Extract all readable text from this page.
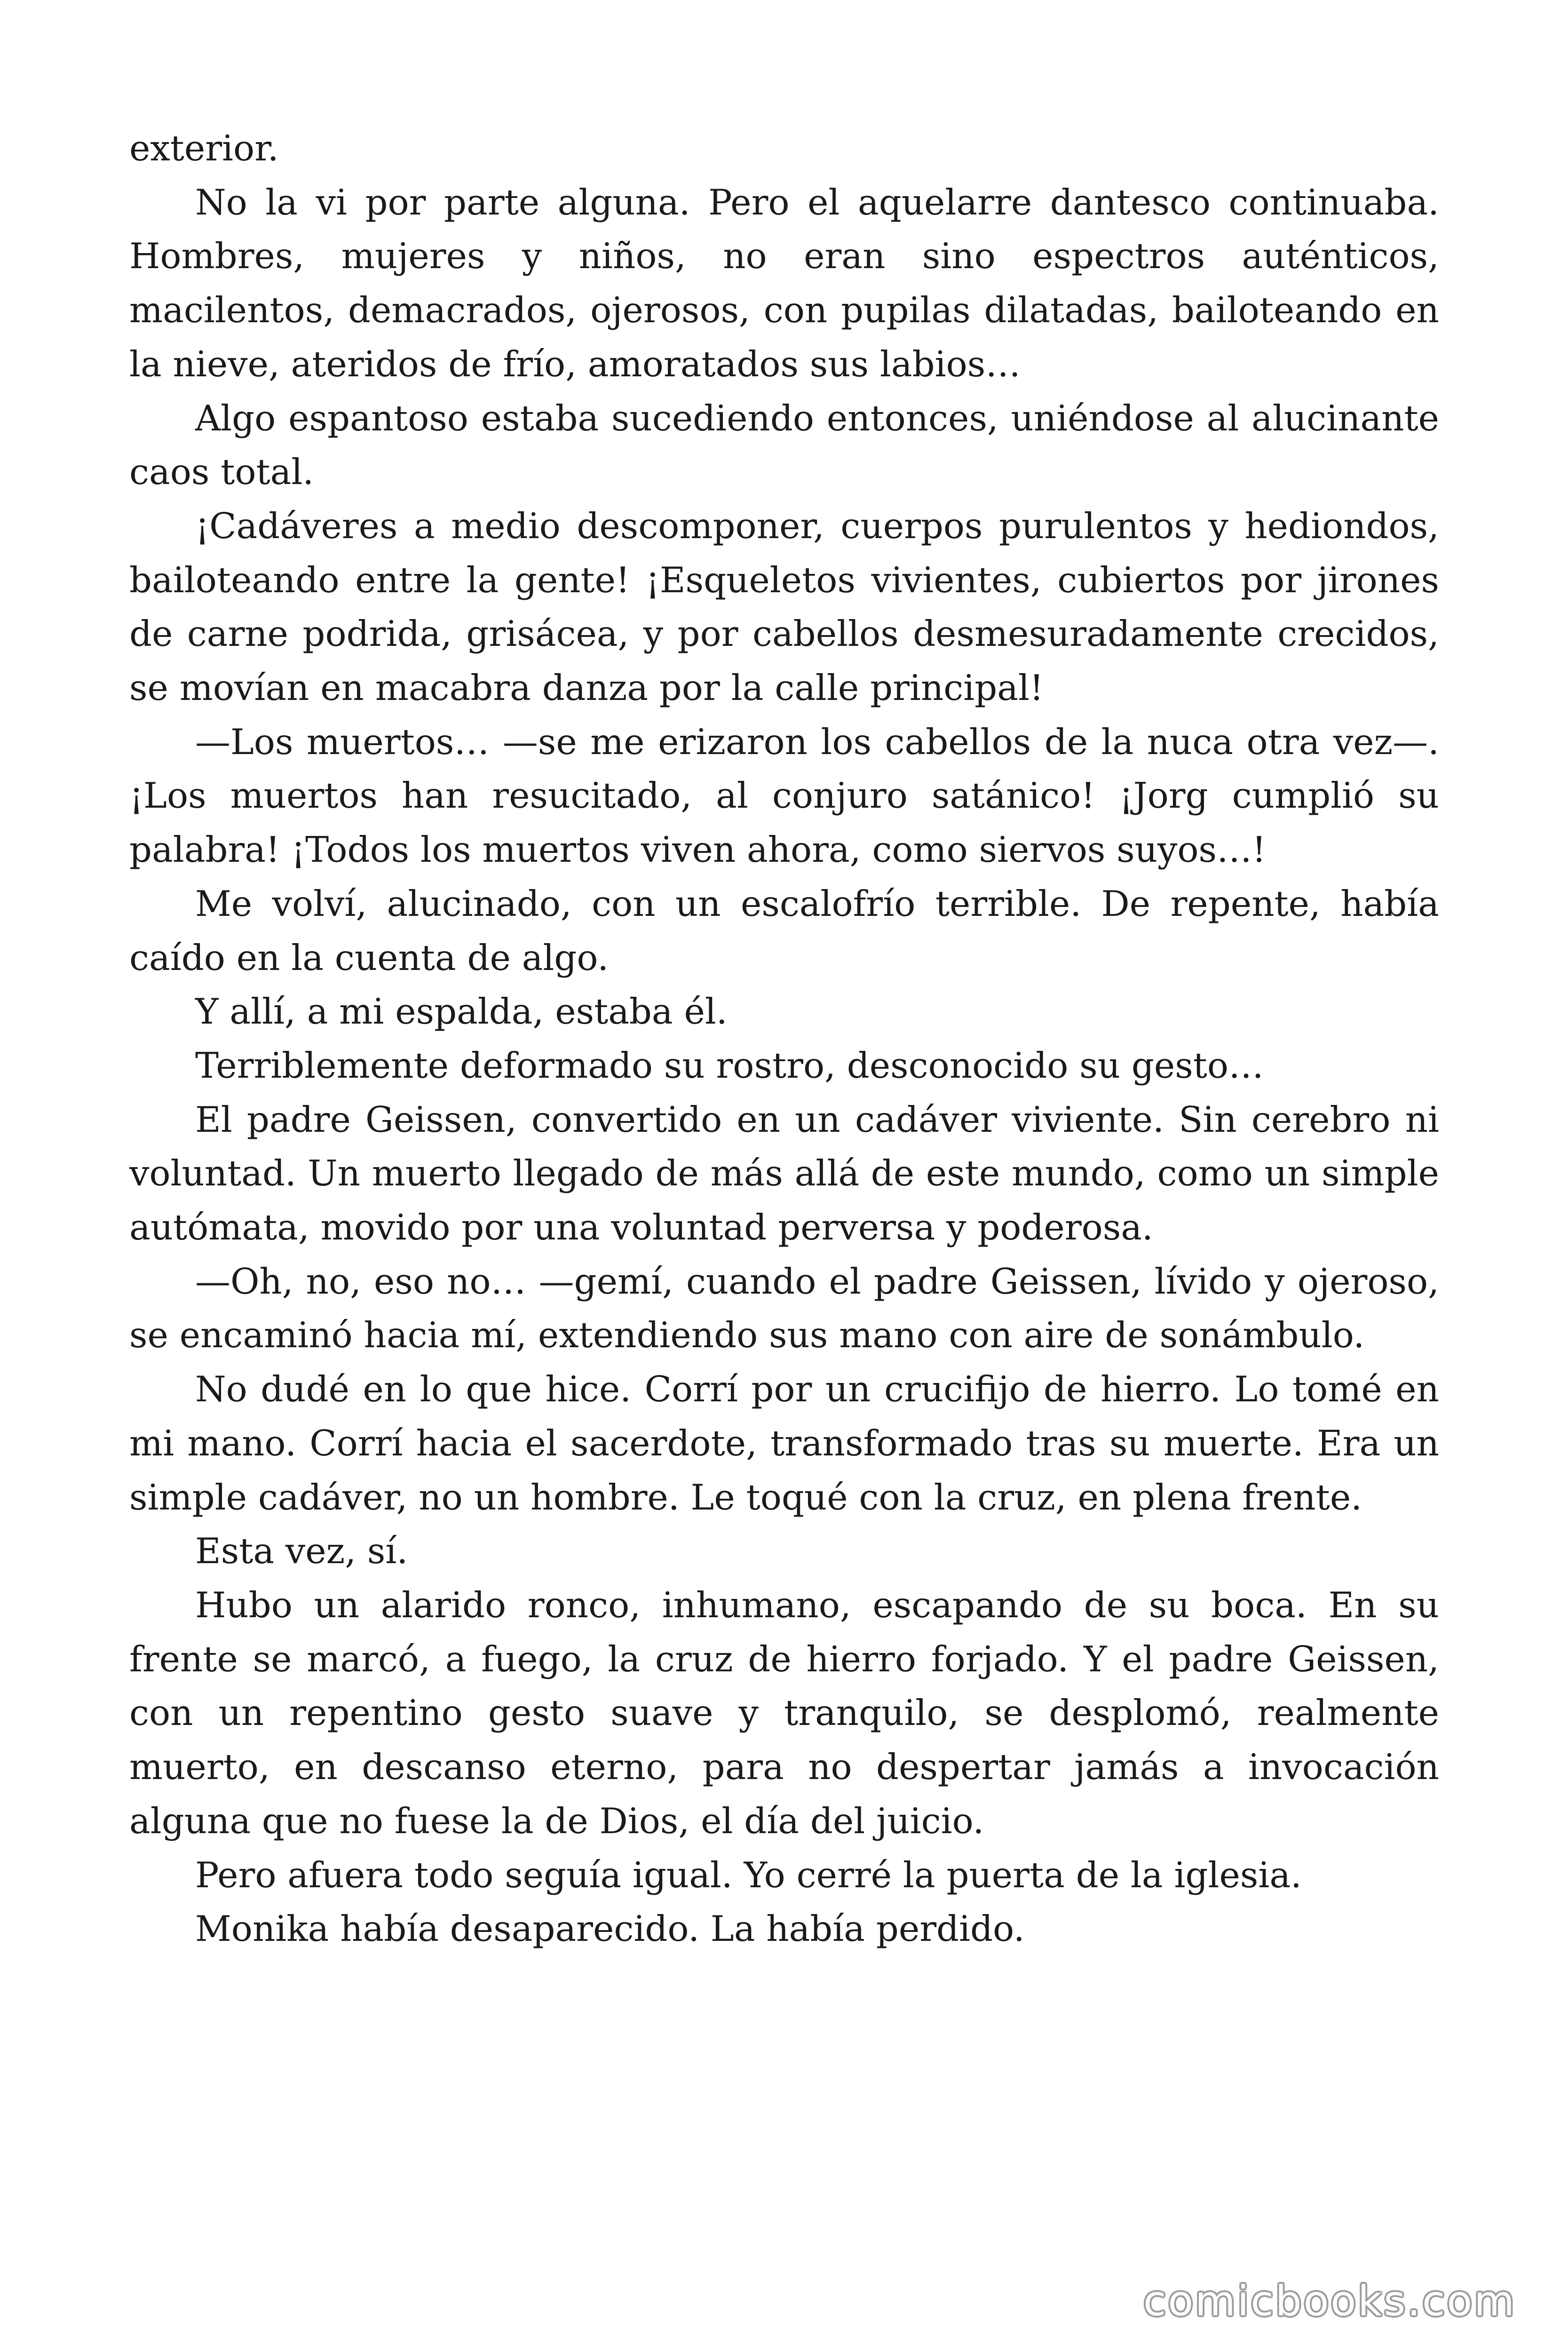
exterior.

No la vi por parte alguna. Pero el aquelarre dantesco continuaba. Hombres, mujeres y niños, no eran sino espectros auténticos, macilentos, demacrados, ojerosos, con pupilas dilatadas, bailoteando en la nieve, ateridos de frío, amoratados sus labios…

Algo espantoso estaba sucediendo entonces, uniéndose al alucinante caos total.

¡Cadáveres a medio descomponer, cuerpos purulentos y hediondos, bailoteando entre la gente! ¡Esqueletos vivientes, cubiertos por jirones de carne podrida, grisácea, y por cabellos desmesuradamente crecidos, se movían en macabra danza por la calle principal!

—Los muertos… —se me erizaron los cabellos de la nuca otra vez—. ¡Los muertos han resucitado, al conjuro satánico! ¡Jorg cumplió su palabra! ¡Todos los muertos viven ahora, como siervos suyos…!

Me volví, alucinado, con un escalofrío terrible. De repente, había caído en la cuenta de algo.

Y allí, a mi espalda, estaba él.

Terriblemente deformado su rostro, desconocido su gesto…

El padre Geissen, convertido en un cadáver viviente. Sin cerebro ni voluntad. Un muerto llegado de más allá de este mundo, como un simple autómata, movido por una voluntad perversa y poderosa.

—Oh, no, eso no… —gemí, cuando el padre Geissen, lívido y ojeroso, se encaminó hacia mí, extendiendo sus mano con aire de sonámbulo.

No dudé en lo que hice. Corrí por un crucifijo de hierro. Lo tomé en mi mano. Corrí hacia el sacerdote, transformado tras su muerte. Era un simple cadáver, no un hombre. Le toqué con la cruz, en plena frente.

Esta vez, sí.

Hubo un alarido ronco, inhumano, escapando de su boca. En su frente se marcó, a fuego, la cruz de hierro forjado. Y el padre Geissen, con un repentino gesto suave y tranquilo, se desplomó, realmente muerto, en descanso eterno, para no despertar jamás a invocación alguna que no fuese la de Dios, el día del juicio.

Pero afuera todo seguía igual. Yo cerré la puerta de la iglesia.

Monika había desaparecido. La había perdido.

comicbooks.com
